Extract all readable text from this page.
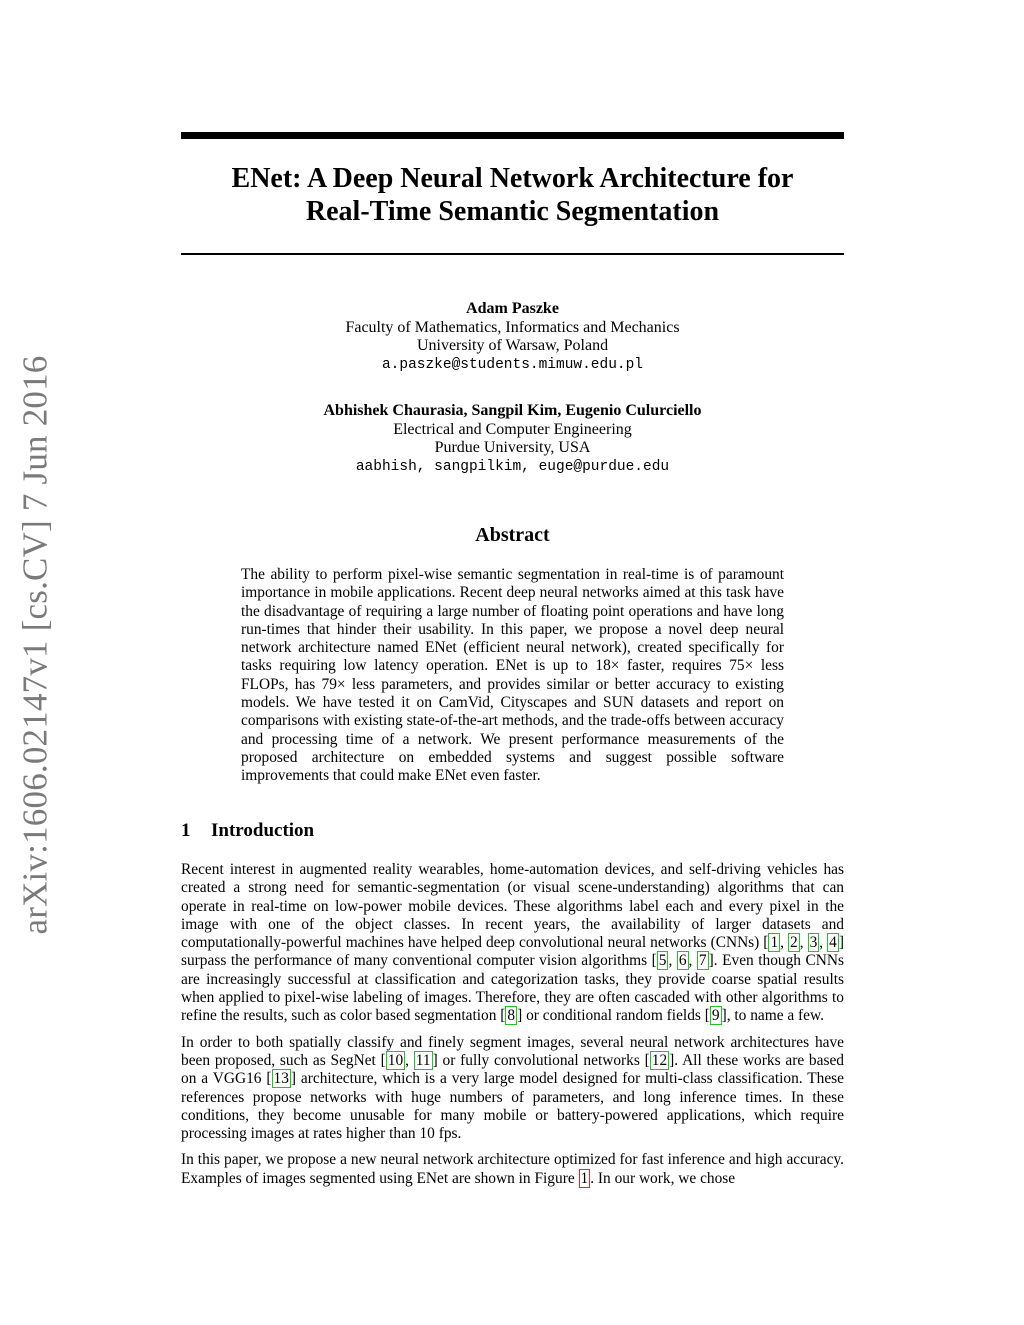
arXiv:1606.02147v1 [cs.CV] 7 Jun 2016
ENet: A Deep Neural Network Architecture for
Real-Time Semantic Segmentation
Adam Paszke
Faculty of Mathematics, Informatics and Mechanics
University of Warsaw, Poland
a.paszke@students.mimuw.edu.pl
Abhishek Chaurasia, Sangpil Kim, Eugenio Culurciello
Electrical and Computer Engineering
Purdue University, USA
aabhish, sangpilkim, euge@purdue.edu
Abstract

The ability to perform pixel-wise semantic segmentation in real-time is of paramount importance in mobile applications. Recent deep neural networks aimed at this task have the disadvantage of requiring a large number of floating point operations and have long run-times that hinder their usability. In this paper, we propose a novel deep neural network architecture named ENet (efficient neural network), created specifically for tasks requiring low latency operation. ENet is up to 18× faster, requires 75× less FLOPs, has 79× less parameters, and provides similar or better accuracy to existing models. We have tested it on CamVid, Cityscapes and SUN datasets and report on comparisons with existing state-of-the-art methods, and the trade-offs between accuracy and processing time of a network. We present performance measurements of the proposed architecture on embedded systems and suggest possible software improvements that could make ENet even faster.

1 Introduction

Recent interest in augmented reality wearables, home-automation devices, and self-driving vehicles has created a strong need for semantic-segmentation (or visual scene-understanding) algorithms that can operate in real-time on low-power mobile devices. These algorithms label each and every pixel in the image with one of the object classes. In recent years, the availability of larger datasets and computationally-powerful machines have helped deep convolutional neural networks (CNNs) [ 1 , 2 , 3 , 4 ] surpass the performance of many conventional computer vision algorithms [ 5 , 6 , 7 ]. Even though CNNs are increasingly successful at classification and categorization tasks, they provide coarse spatial results when applied to pixel-wise labeling of images. Therefore, they are often cascaded with other algorithms to refine the results, such as color based segmentation [ 8 ] or conditional random fields [ 9 ], to name a few.

In order to both spatially classify and finely segment images, several neural network architectures have been proposed, such as SegNet [ 10 , 11 ] or fully convolutional networks [ 12 ]. All these works are based on a VGG16 [ 13 ] architecture, which is a very large model designed for multi-class classification. These references propose networks with huge numbers of parameters, and long inference times. In these conditions, they become unusable for many mobile or battery-powered applications, which require processing images at rates higher than 10 fps.

In this paper, we propose a new neural network architecture optimized for fast inference and high accuracy. Examples of images segmented using ENet are shown in Figure 1 . In our work, we chose
